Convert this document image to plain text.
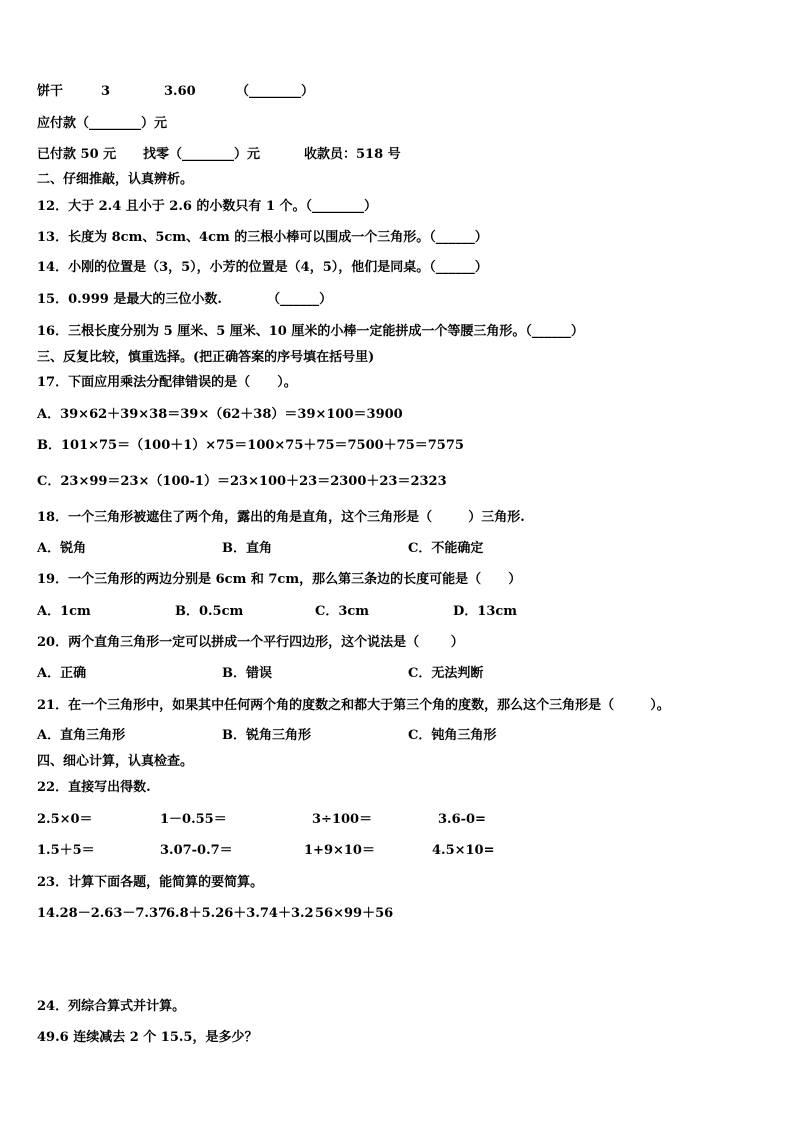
饼干	3	3.60	（________）
应付款（________）元
已付款 50 元 找零（________）元	收款员：518 号
二、仔细推敲，认真辨析。
12．大于 2.4 且小于 2.6 的小数只有 1 个。（________）
13．长度为 8cm、5cm、4cm 的三根小棒可以围成一个三角形。（______）
14．小刚的位置是（3，5），小芳的位置是（4，5），他们是同桌。（______）
15．0.999 是最大的三位小数.          （______）
16．三根长度分别为 5 厘米、5 厘米、10 厘米的小棒一定能拼成一个等腰三角形。（______）
三、反复比较，慎重选择。(把正确答案的序号填在括号里)
17．下面应用乘法分配律错误的是（      ）。
A．39×62＋39×38＝39×（62＋38）＝39×100＝3900
B．101×75＝（100＋1）×75＝100×75＋75＝7500＋75＝7575
C．23×99＝23×（100-1）＝23×100＋23＝2300＋23＝2323
18．一个三角形被遮住了两个角，露出的角是直角，这个三角形是（        ）三角形.
A．锐角	B．直角	C．不能确定
19．一个三角形的两边分别是 6cm 和 7cm，那么第三条边的长度可能是（      ）
A．1cm	B．0.5cm	C．3cm	D．13cm
20．两个直角三角形一定可以拼成一个平行四边形，这个说法是（       ）
A．正确	B．错误	C．无法判断
21．在一个三角形中，如果其中任何两个角的度数之和都大于第三个角的度数，那么这个三角形是（        ）。
A．直角三角形	B．锐角三角形	C．钝角三角形
四、细心计算，认真检查。
22．直接写出得数.
2.5×0＝	1－0.55＝	3÷100＝	3.6-0=
1.5＋5＝	3.07-0.7＝	1+9×10＝	4.5×10=
23．计算下面各题，能简算的要简算。
14.28－2.63－7.37
6.8＋5.26＋3.74＋3.2 56×99＋56
24．列综合算式并计算。
49.6 连续减去 2 个 15.5，是多少？
